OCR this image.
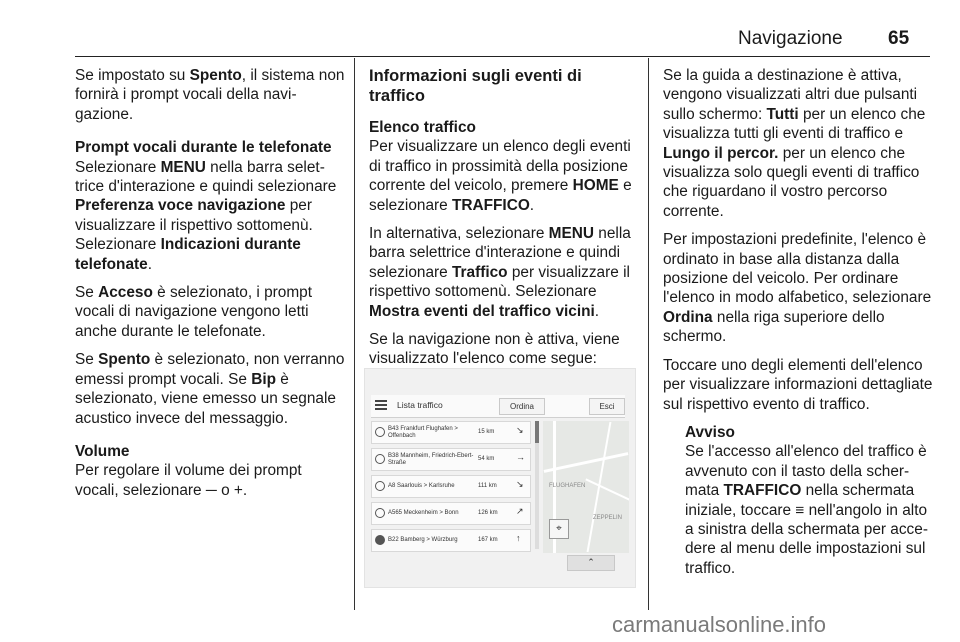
Navigazione 65

Se impostato su Spento, il sistema non fornirà i prompt vocali della navigazione.

Prompt vocali durante le telefonate

Selezionare MENU nella barra selettrice d'interazione e quindi selezionare Preferenza voce navigazione per visualizzare il rispettivo sottomenù. Selezionare Indicazioni durante telefonate.

Se Acceso è selezionato, i prompt vocali di navigazione vengono letti anche durante le telefonate.

Se Spento è selezionato, non verranno emessi prompt vocali. Se Bip è selezionato, viene emesso un segnale acustico invece del messaggio.

Volume

Per regolare il volume dei prompt vocali, selezionare ─ o +.

Informazioni sugli eventi di traffico
Elenco traffico

Per visualizzare un elenco degli eventi di traffico in prossimità della posizione corrente del veicolo, premere HOME e selezionare TRAFFICO.

In alternativa, selezionare MENU nella barra selettrice d'interazione e quindi selezionare Traffico per visualizzare il rispettivo sottomenù. Selezionare Mostra eventi del traffico vicini.

Se la navigazione non è attiva, viene visualizzato l'elenco come segue:

Lista traffico	Ordina	Esci
B43 Frankfurt Flughafen > Offenbach
15 km ↘
B38 Mannheim, Friedrich-Ebert-Straße
54 km →
A8 Saarlouis > Karlsruhe	111 km ↘
A565 Meckenheim > Bonn	126 km ↗
B22 Bamberg > Würzburg	167 km ↑
FLUGHAFEN
ZEPPELIN
⌖
⌃

Se la guida a destinazione è attiva, vengono visualizzati altri due pulsanti sullo schermo: Tutti per un elenco che visualizza tutti gli eventi di traffico e Lungo il percor. per un elenco che visualizza solo quegli eventi di traffico che riguardano il vostro percorso corrente.

Per impostazioni predefinite, l'elenco è ordinato in base alla distanza dalla posizione del veicolo. Per ordinare l'elenco in modo alfabetico, selezionare Ordina nella riga superiore dello schermo.

Toccare uno degli elementi dell'elenco per visualizzare informazioni dettagliate sul rispettivo evento di traffico.

Avviso

Se l'accesso all'elenco del traffico è avvenuto con il tasto della schermata TRAFFICO nella schermata iniziale, toccare ≡ nell'angolo in alto a sinistra della schermata per accedere al menu delle impostazioni sul traffico.

carmanualsonline.info
